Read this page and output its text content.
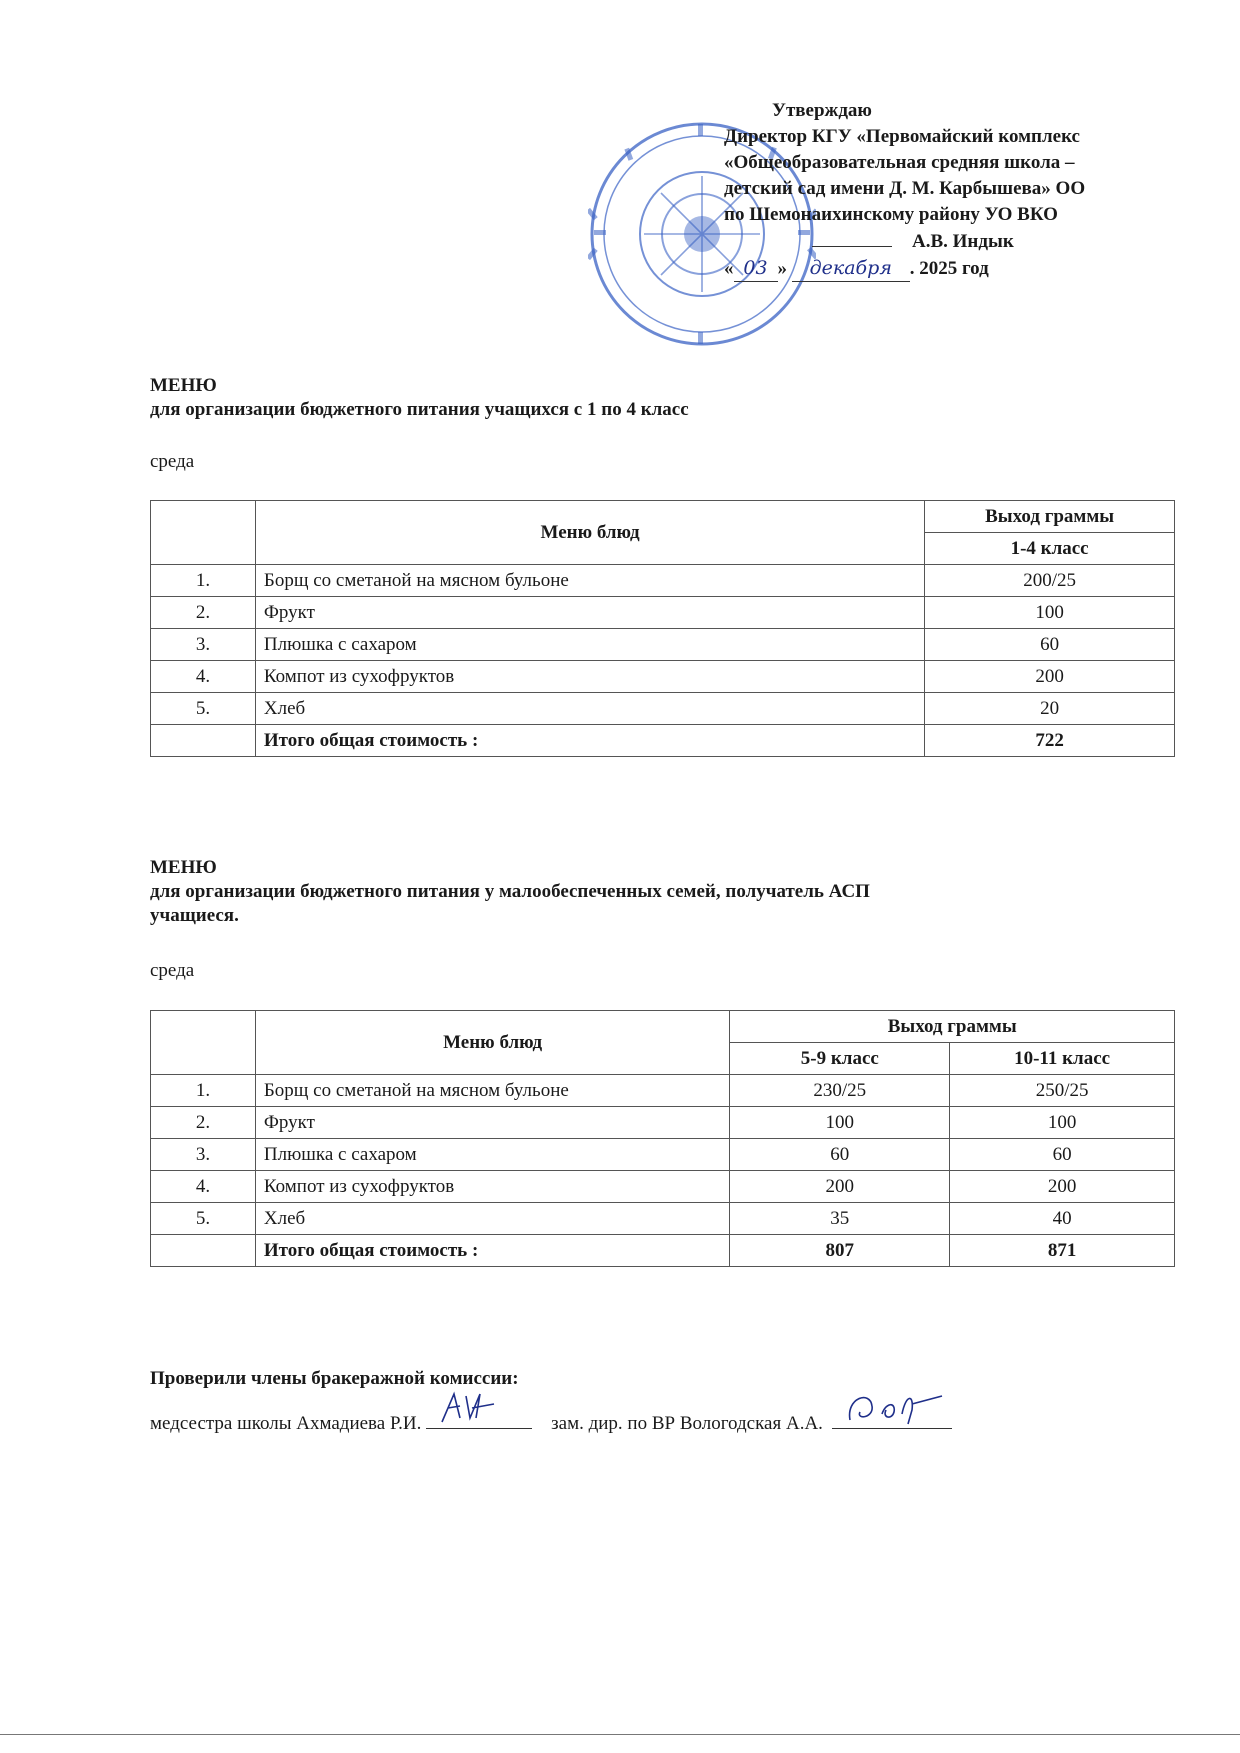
Утверждаю
Директор КГУ «Первомайский комплекс
«Общеобразовательная средняя школа –
детский сад имени Д. М. Карбышева» ОО
по Шемонаихинскому району УО ВКО
А.В. Индык
« 03 » декабря . 2025 год
МЕНЮ
для организации бюджетного питания учащихся с 1 по 4 класс
среда
	Меню блюд	Выход граммы
		1-4 класс
1.	Борщ со сметаной на мясном бульоне	200/25
2.	Фрукт	100
3.	Плюшка с сахаром	60
4.	Компот из сухофруктов	200
5.	Хлеб	20
	Итого общая стоимость :	722
МЕНЮ
для организации бюджетного питания у малообеспеченных семей, получатель АСП
учащиеся.
среда
	Меню блюд	Выход граммы	
		5-9 класс	10-11 класс
1.	Борщ со сметаной на мясном бульоне	230/25	250/25
2.	Фрукт	100	100
3.	Плюшка с сахаром	60	60
4.	Компот из сухофруктов	200	200
5.	Хлеб	35	40
	Итого общая стоимость :	807	871
Проверили члены бракеражной комиссии:
медсестра школы Ахмадиева Р.И.	зам. дир. по ВР Вологодская А.А.
